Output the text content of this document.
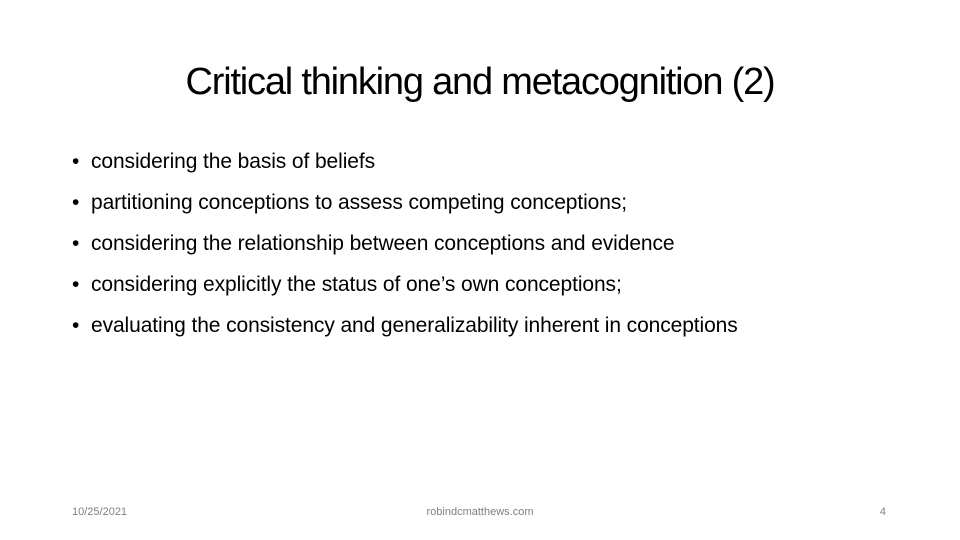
Critical thinking and metacognition (2)
• considering the basis of beliefs
• partitioning conceptions to assess competing conceptions;
• considering the relationship between conceptions and evidence
• considering explicitly the status of one’s own conceptions;
• evaluating the consistency and generalizability inherent in conceptions
10/25/2021	robindcmatthews.com	4
